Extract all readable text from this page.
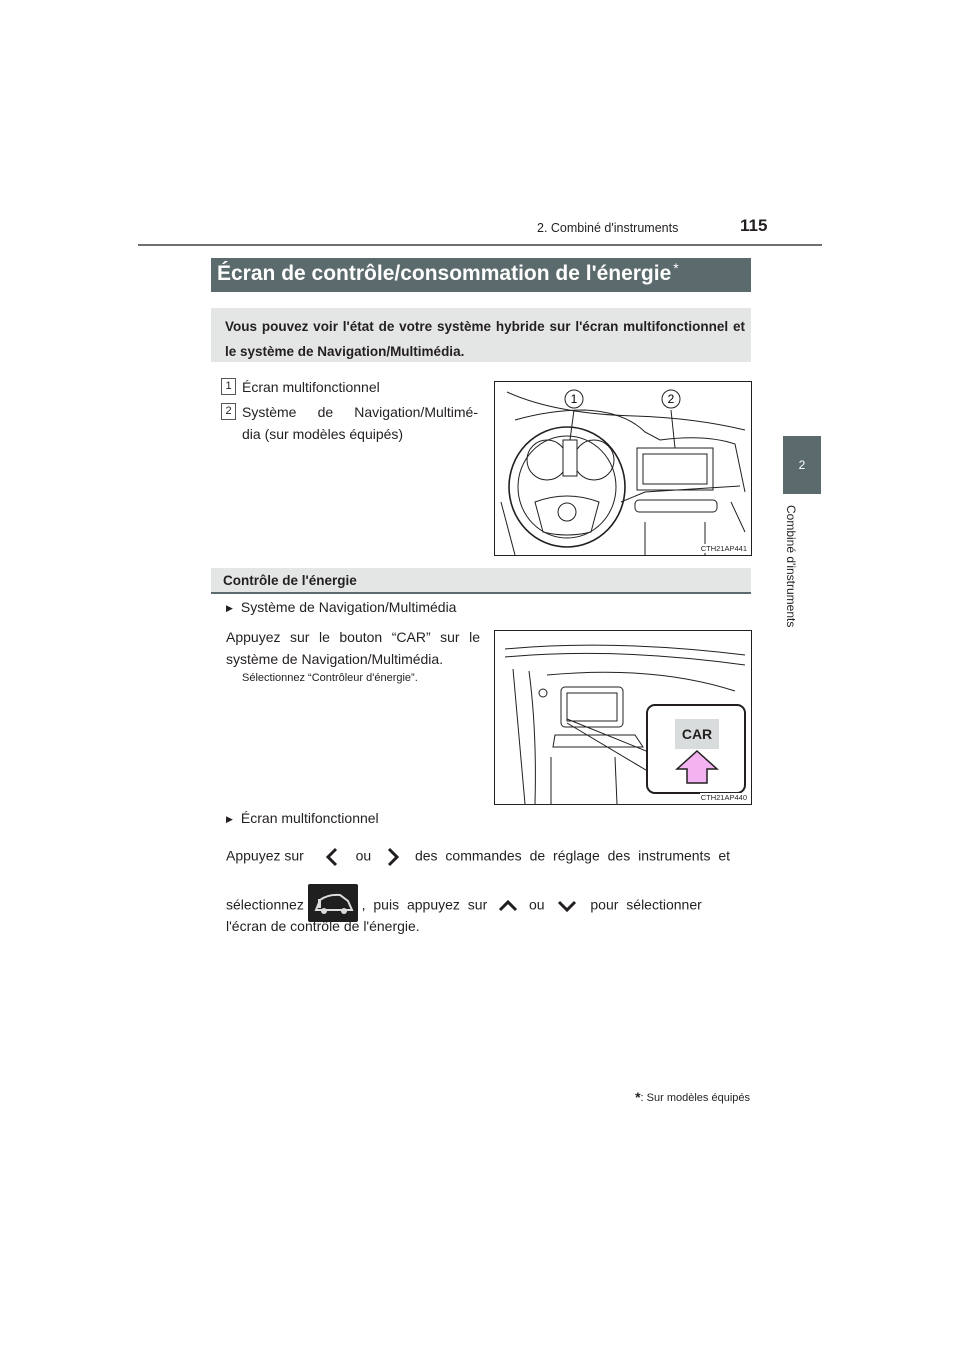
115
2. Combiné d'instruments
2
Combiné d'instruments
Écran de contrôle/consommation de l'énergie *
Vous pouvez voir l'état de votre système hybride sur l'écran multifonctionnel et le système de Navigation/Multimédia.
1 Écran multifonctionnel
2 Système de Navigation/Multimé-
dia (sur modèles équipés)
1	2
CTH21AP441
Contrôle de l'énergie
▶ Système de Navigation/Multimédia
Appuyez sur le bouton “CAR” sur le système de Navigation/Multimédia.
Sélectionnez “Contrôleur d'énergie”.
CAR
CTH21AP440
▶ Écran multifonctionnel
Appuyez sur	ou	des commandes de réglage des instruments et
sélectionnez	, puis appuyez sur	ou	pour sélectionner
l'écran de contrôle de l'énergie.
*: Sur modèles équipés
